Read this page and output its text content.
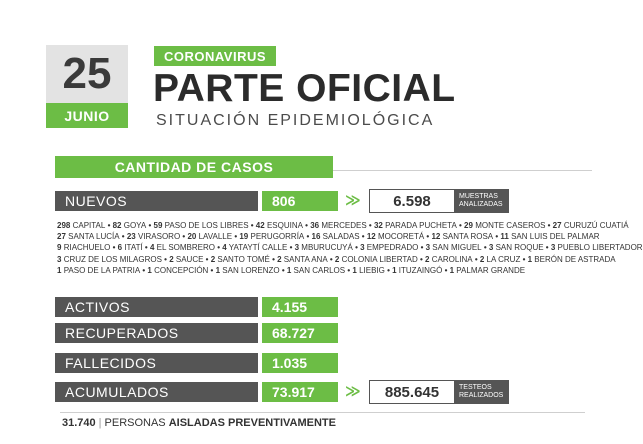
25
JUNIO
CORONAVIRUS
PARTE OFICIAL
SITUACIÓN EPIDEMIOLÓGICA
CANTIDAD DE CASOS
NUEVOS	806	≫	6.598	MUESTRAS
ANALIZADAS
298 CAPITAL • 82 GOYA • 59 PASO DE LOS LIBRES • 42 ESQUINA • 36 MERCEDES • 32 PARADA PUCHETA • 29 MONTE CASEROS • 27 CURUZÚ CUATIÁ
27 SANTA LUCÍA • 23 VIRASORO • 20 LAVALLE • 19 PERUGORRÍA • 16 SALADAS • 12 MOCORETÁ • 12 SANTA ROSA • 11 SAN LUIS DEL PALMAR
9 RIACHUELO • 6 ITATÍ • 4 EL SOMBRERO • 4 YATAYTÍ CALLE • 3 MBURUCUYÁ • 3 EMPEDRADO • 3 SAN MIGUEL • 3 SAN ROQUE • 3 PUEBLO LIBERTADOR
3 CRUZ DE LOS MILAGROS • 2 SAUCE • 2 SANTO TOMÉ • 2 SANTA ANA • 2 COLONIA LIBERTAD • 2 CAROLINA • 2 LA CRUZ • 1 BERÓN DE ASTRADA
1 PASO DE LA PATRIA • 1 CONCEPCIÓN • 1 SAN LORENZO • 1 SAN CARLOS • 1 LIEBIG • 1 ITUZAINGÓ • 1 PALMAR GRANDE
ACTIVOS	4.155
RECUPERADOS	68.727
FALLECIDOS	1.035
ACUMULADOS	73.917	≫	885.645	TESTEOS
REALIZADOS
31.740 | PERSONAS AISLADAS PREVENTIVAMENTE
